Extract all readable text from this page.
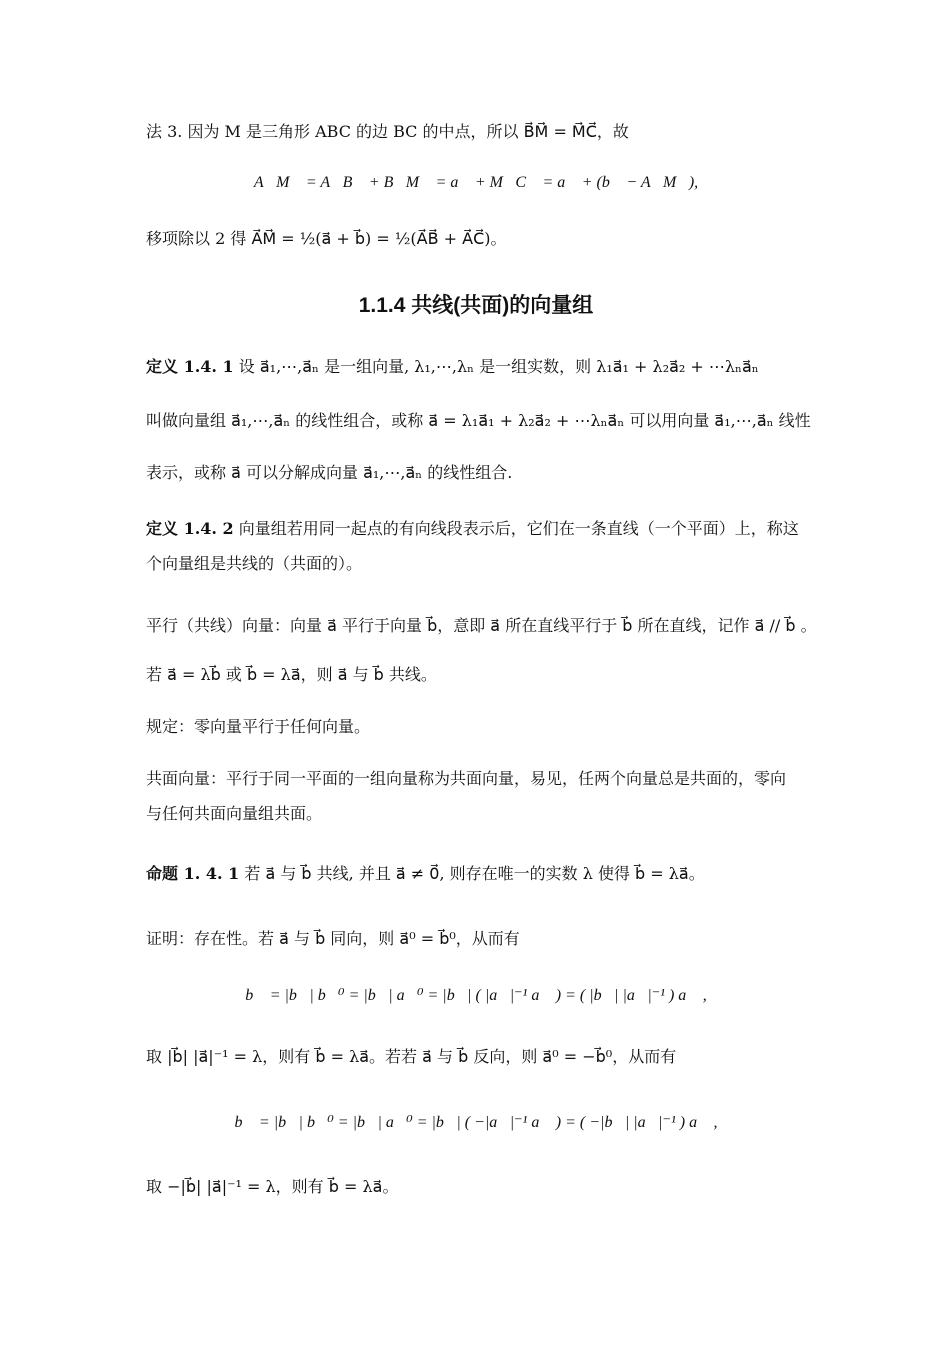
法 3. 因为 M 是三角形 ABC 的边 BC 的中点，所以 B⃗M⃗ = M⃗C⃗，故
A⃗M⃗ = A⃗B⃗ + B⃗M⃗ = a⃗ + M⃗C⃗ = a⃗ + (b⃗ − A⃗M⃗),
移项除以 2 得 A⃗M⃗ = ½(a⃗ + b⃗) = ½(A⃗B⃗ + A⃗C⃗)。
1.1.4 共线(共面)的向量组
定义 1.4. 1 设 a⃗₁,⋯,a⃗ₙ 是一组向量, λ₁,⋯,λₙ 是一组实数，则 λ₁a⃗₁ + λ₂a⃗₂ + ⋯λₙa⃗ₙ
叫做向量组 a⃗₁,⋯,a⃗ₙ 的线性组合，或称 a⃗ = λ₁a⃗₁ + λ₂a⃗₂ + ⋯λₙa⃗ₙ 可以用向量 a⃗₁,⋯,a⃗ₙ 线性
表示，或称 a⃗ 可以分解成向量 a⃗₁,⋯,a⃗ₙ 的线性组合.
定义 1.4. 2 向量组若用同一起点的有向线段表示后，它们在一条直线（一个平面）上，称这
个向量组是共线的（共面的）。
平行（共线）向量：向量 a⃗ 平行于向量 b⃗，意即 a⃗ 所在直线平行于 b⃗ 所在直线，记作 a⃗ // b⃗ 。
若 a⃗ = λb⃗ 或 b⃗ = λa⃗，则 a⃗ 与 b⃗ 共线。
规定：零向量平行于任何向量。
共面向量：平行于同一平面的一组向量称为共面向量，易见，任两个向量总是共面的，零向
与任何共面向量组共面。
命题 1. 4. 1 若 a⃗ 与 b⃗ 共线, 并且 a⃗ ≠ 0⃗, 则存在唯一的实数 λ 使得 b⃗ = λa⃗。
证明：存在性。若 a⃗ 与 b⃗ 同向，则 a⃗⁰ = b⃗⁰，从而有
b⃗ = |b⃗| b⃗⁰ = |b⃗| a⃗⁰ = |b⃗| ( |a⃗|⁻¹ a⃗ ) = ( |b⃗| |a⃗|⁻¹ ) a⃗ ,
取 |b⃗| |a⃗|⁻¹ = λ，则有 b⃗ = λa⃗。若若 a⃗ 与 b⃗ 反向，则 a⃗⁰ = −b⃗⁰，从而有
b⃗ = |b⃗| b⃗⁰ = |b⃗| a⃗⁰ = |b⃗| ( −|a⃗|⁻¹ a⃗ ) = ( −|b⃗| |a⃗|⁻¹ ) a⃗ ,
取 −|b⃗| |a⃗|⁻¹ = λ，则有 b⃗ = λa⃗。
